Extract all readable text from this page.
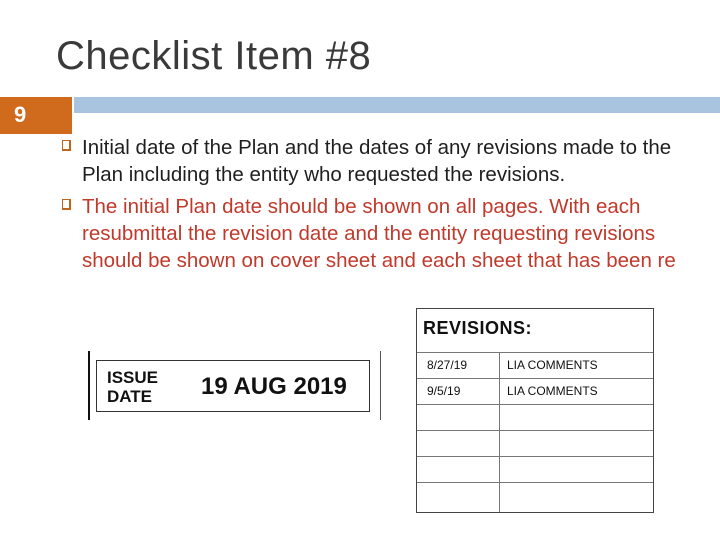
Checklist Item #8
9
Initial date of the Plan and the dates of any revisions made to the Plan including the entity who requested the revisions.
The initial Plan date should be shown on all pages. With each resubmittal the revision date and the entity requesting revisions should be shown on cover sheet and each sheet that has been re
ISSUE
DATE 19 AUG 2019
REVISIONS:
8/27/19	LIA COMMENTS
9/5/19	LIA COMMENTS
